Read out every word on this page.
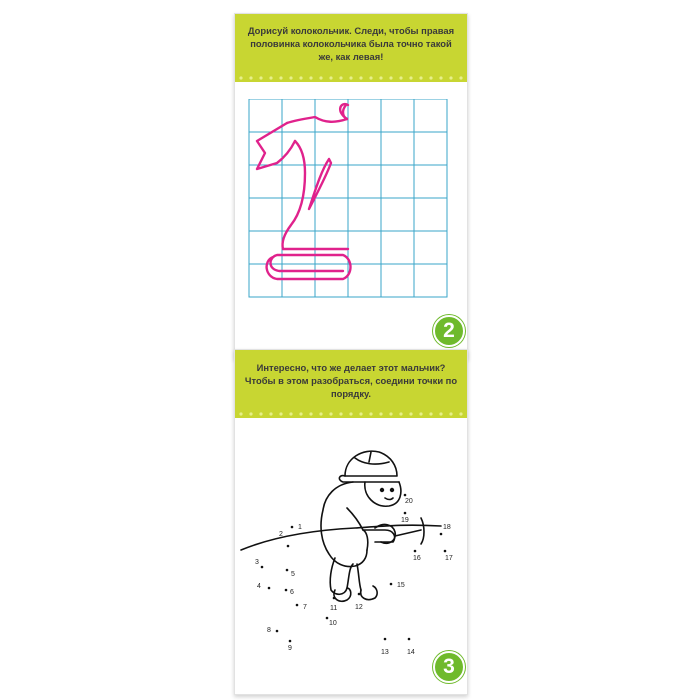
Дорисуй колокольчик. Следи, чтобы правая половинка колокольчика была точно такой же, как левая!
2
Интересно, что же делает этот мальчик? Чтобы в этом разобраться, соедини точки по порядку.
1
2
3
4
5
6
7
8
9
10
11	12
13	14
15
16	17
18
19
20
3
